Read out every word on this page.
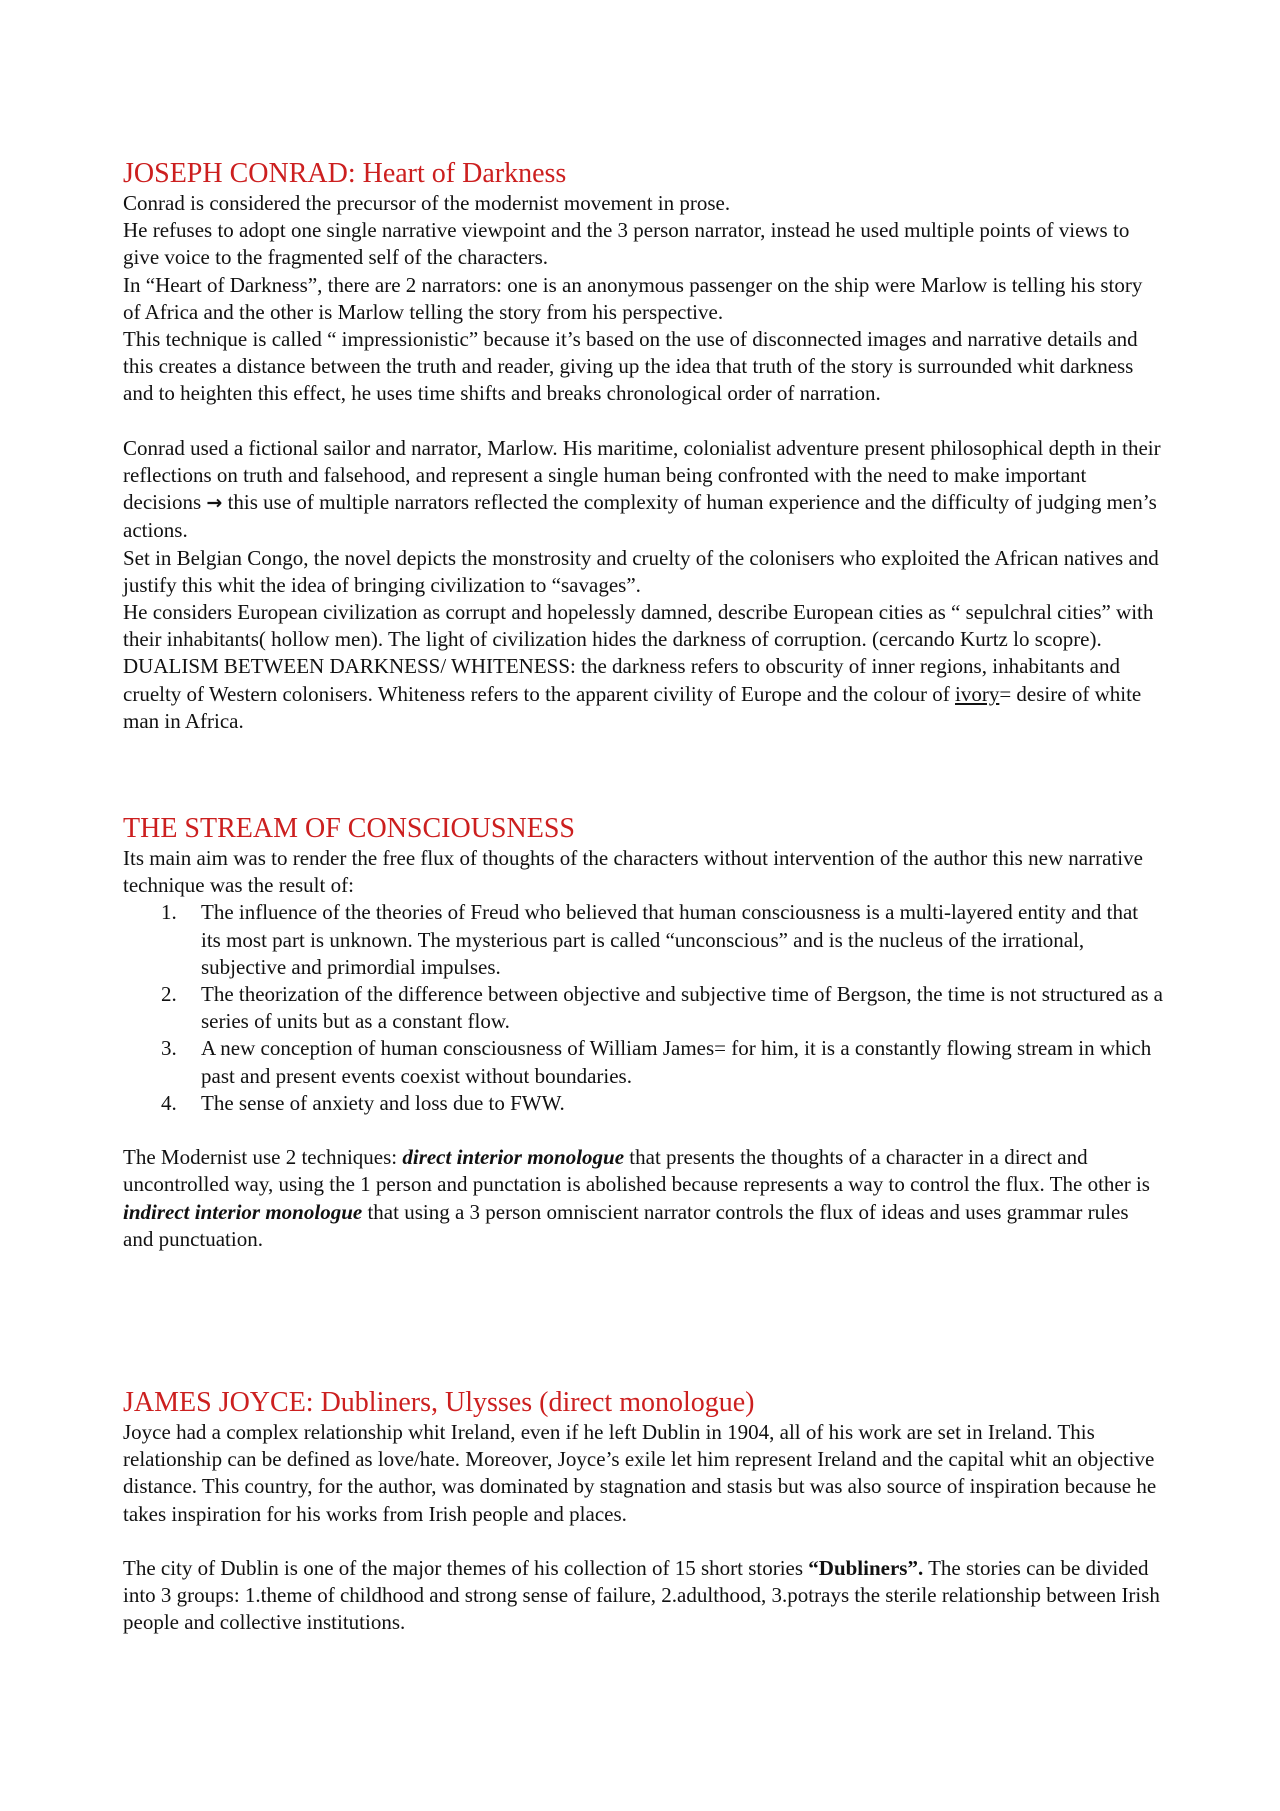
JOSEPH CONRAD: Heart of Darkness

Conrad is considered the precursor of the modernist movement in prose.

He refuses to adopt one single narrative viewpoint and the 3 person narrator, instead he used multiple points of views to give voice to the fragmented self of the characters.

In “Heart of Darkness”, there are 2 narrators: one is an anonymous passenger on the ship were Marlow is telling his story of Africa and the other is Marlow telling the story from his perspective.

This technique is called “ impressionistic” because it’s based on the use of disconnected images and narrative details and this creates a distance between the truth and reader, giving up the idea that truth of the story is surrounded whit darkness and to heighten this effect, he uses time shifts and breaks chronological order of narration.

Conrad used a fictional sailor and narrator, Marlow. His maritime, colonialist adventure present philosophical depth in their reflections on truth and falsehood, and represent a single human being confronted with the need to make important decisions → this use of multiple narrators reflected the complexity of human experience and the difficulty of judging men’s actions.

Set in Belgian Congo, the novel depicts the monstrosity and cruelty of the colonisers who exploited the African natives and justify this whit the idea of bringing civilization to “savages”.

He considers European civilization as corrupt and hopelessly damned, describe European cities as “ sepulchral cities” with their inhabitants( hollow men). The light of civilization hides the darkness of corruption. (cercando Kurtz lo scopre).

DUALISM BETWEEN DARKNESS/ WHITENESS: the darkness refers to obscurity of inner regions, inhabitants and cruelty of Western colonisers. Whiteness refers to the apparent civility of Europe and the colour of ivory= desire of white man in Africa.

THE STREAM OF CONSCIOUSNESS

Its main aim was to render the free flux of thoughts of the characters without intervention of the author this new narrative technique was the result of:

1. The influence of the theories of Freud who believed that human consciousness is a multi-layered entity and that its most part is unknown. The mysterious part is called “unconscious” and is the nucleus of the irrational, subjective and primordial impulses.
2. The theorization of the difference between objective and subjective time of Bergson, the time is not structured as a series of units but as a constant flow.
3. A new conception of human consciousness of William James= for him, it is a constantly flowing stream in which past and present events coexist without boundaries.
4. The sense of anxiety and loss due to FWW.

The Modernist use 2 techniques: direct interior monologue that presents the thoughts of a character in a direct and uncontrolled way, using the 1 person and punctation is abolished because represents a way to control the flux. The other is indirect interior monologue that using a 3 person omniscient narrator controls the flux of ideas and uses grammar rules and punctuation.

JAMES JOYCE: Dubliners, Ulysses (direct monologue)

Joyce had a complex relationship whit Ireland, even if he left Dublin in 1904, all of his work are set in Ireland. This relationship can be defined as love/hate. Moreover, Joyce’s exile let him represent Ireland and the capital whit an objective distance. This country, for the author, was dominated by stagnation and stasis but was also source of inspiration because he takes inspiration for his works from Irish people and places.

The city of Dublin is one of the major themes of his collection of 15 short stories “Dubliners”. The stories can be divided into 3 groups: 1.theme of childhood and strong sense of failure, 2.adulthood, 3.potrays the sterile relationship between Irish people and collective institutions.
